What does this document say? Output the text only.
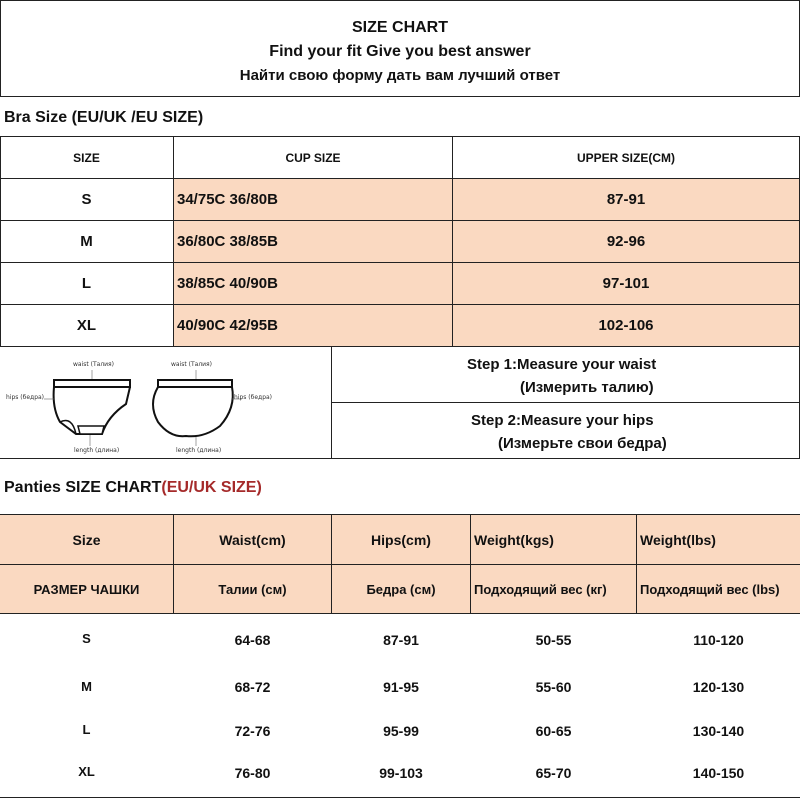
SIZE CHART
Find your fit Give you best answer
Найти свою форму дать вам лучший ответ
Bra Size (EU/UK /EU SIZE)
SIZE	CUP SIZE	UPPER SIZE(CM)
S	34/75C 36/80B	87-91
M	36/80C 38/85B	92-96
L	38/85C 40/90B	97-101
XL	40/90C 42/95B	102-106
waist (Талия)	waist (Талия)
hips (бедра)	hips (бедра)
length (длина)	length (длина)
Step 1:Measure your waist
(Измерить талию)
Step 2:Measure your hips
(Измерьте свои бедра)
Panties SIZE CHART(EU/UK SIZE)
Size	Waist(cm)	Hips(cm)	Weight(kgs)	Weight(lbs)
РАЗМЕР ЧАШКИ	Талии (см)	Бедра (см)	Подходящий вес (кг)	Подходящий вес (lbs)
S	64-68	87-91	50-55	110-120
M	68-72	91-95	55-60	120-130
L	72-76	95-99	60-65	130-140
XL	76-80	99-103	65-70	140-150
